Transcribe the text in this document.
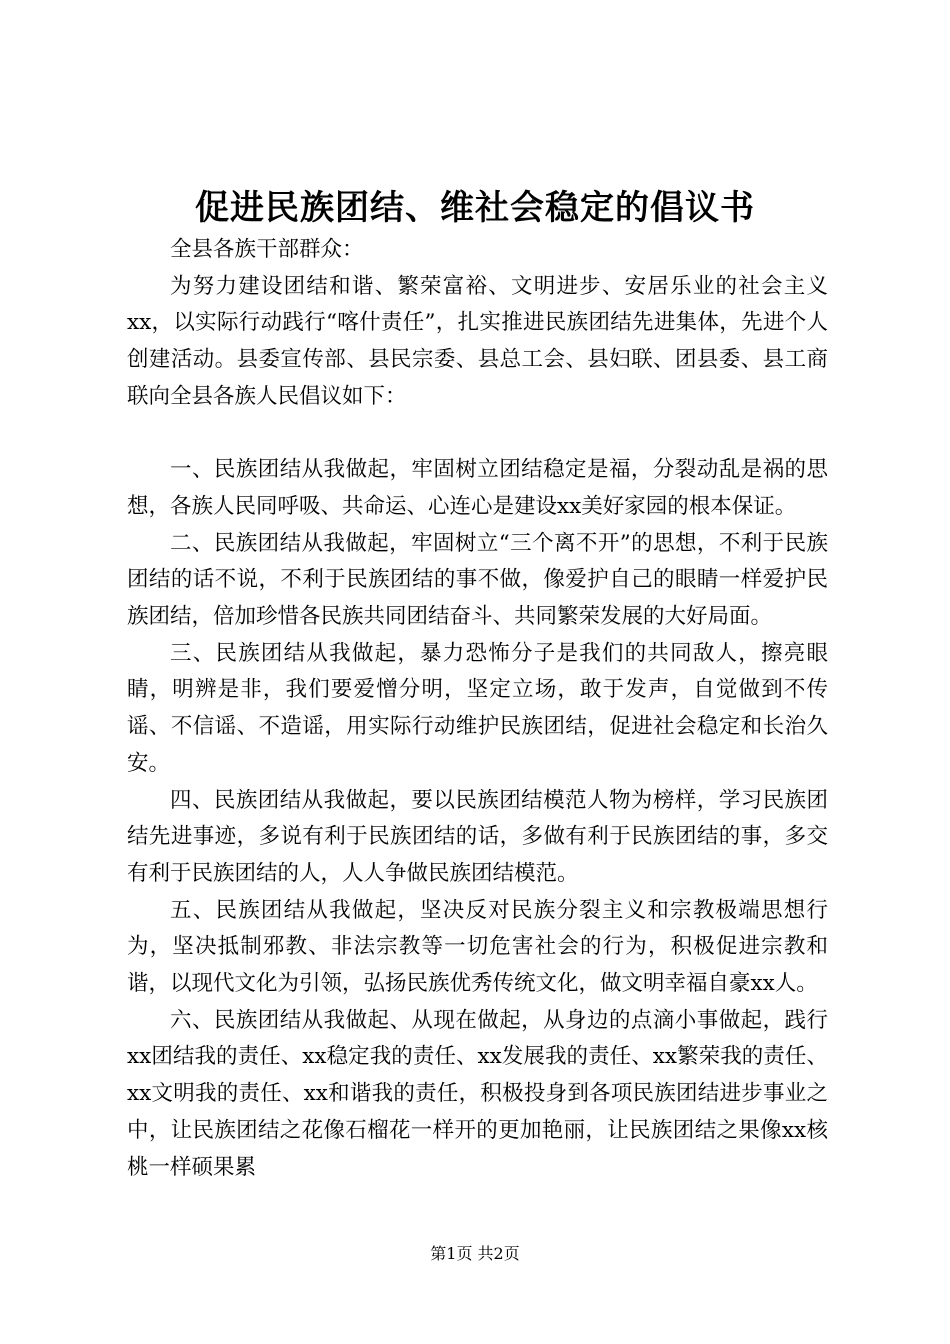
促进民族团结、维社会稳定的倡议书

全县各族干部群众：

为努力建设团结和谐、繁荣富裕、文明进步、安居乐业的社会主义xx，以实际行动践行“喀什责任”，扎实推进民族团结先进集体，先进个人创建活动。县委宣传部、县民宗委、县总工会、县妇联、团县委、县工商联向全县各族人民倡议如下：

一、民族团结从我做起，牢固树立团结稳定是福，分裂动乱是祸的思想，各族人民同呼吸、共命运、心连心是建设xx美好家园的根本保证。

二、民族团结从我做起，牢固树立“三个离不开”的思想，不利于民族团结的话不说，不利于民族团结的事不做，像爱护自己的眼睛一样爱护民族团结，倍加珍惜各民族共同团结奋斗、共同繁荣发展的大好局面。

三、民族团结从我做起，暴力恐怖分子是我们的共同敌人，擦亮眼睛，明辨是非，我们要爱憎分明，坚定立场，敢于发声，自觉做到不传谣、不信谣、不造谣，用实际行动维护民族团结，促进社会稳定和长治久安。

四、民族团结从我做起，要以民族团结模范人物为榜样，学习民族团结先进事迹，多说有利于民族团结的话，多做有利于民族团结的事，多交有利于民族团结的人，人人争做民族团结模范。

五、民族团结从我做起，坚决反对民族分裂主义和宗教极端思想行为，坚决抵制邪教、非法宗教等一切危害社会的行为，积极促进宗教和谐，以现代文化为引领，弘扬民族优秀传统文化，做文明幸福自豪xx人。

六、民族团结从我做起、从现在做起，从身边的点滴小事做起，践行xx团结我的责任、xx稳定我的责任、xx发展我的责任、xx繁荣我的责任、xx文明我的责任、xx和谐我的责任，积极投身到各项民族团结进步事业之中，让民族团结之花像石榴花一样开的更加艳丽，让民族团结之果像xx核桃一样硕果累

第1页 共2页
